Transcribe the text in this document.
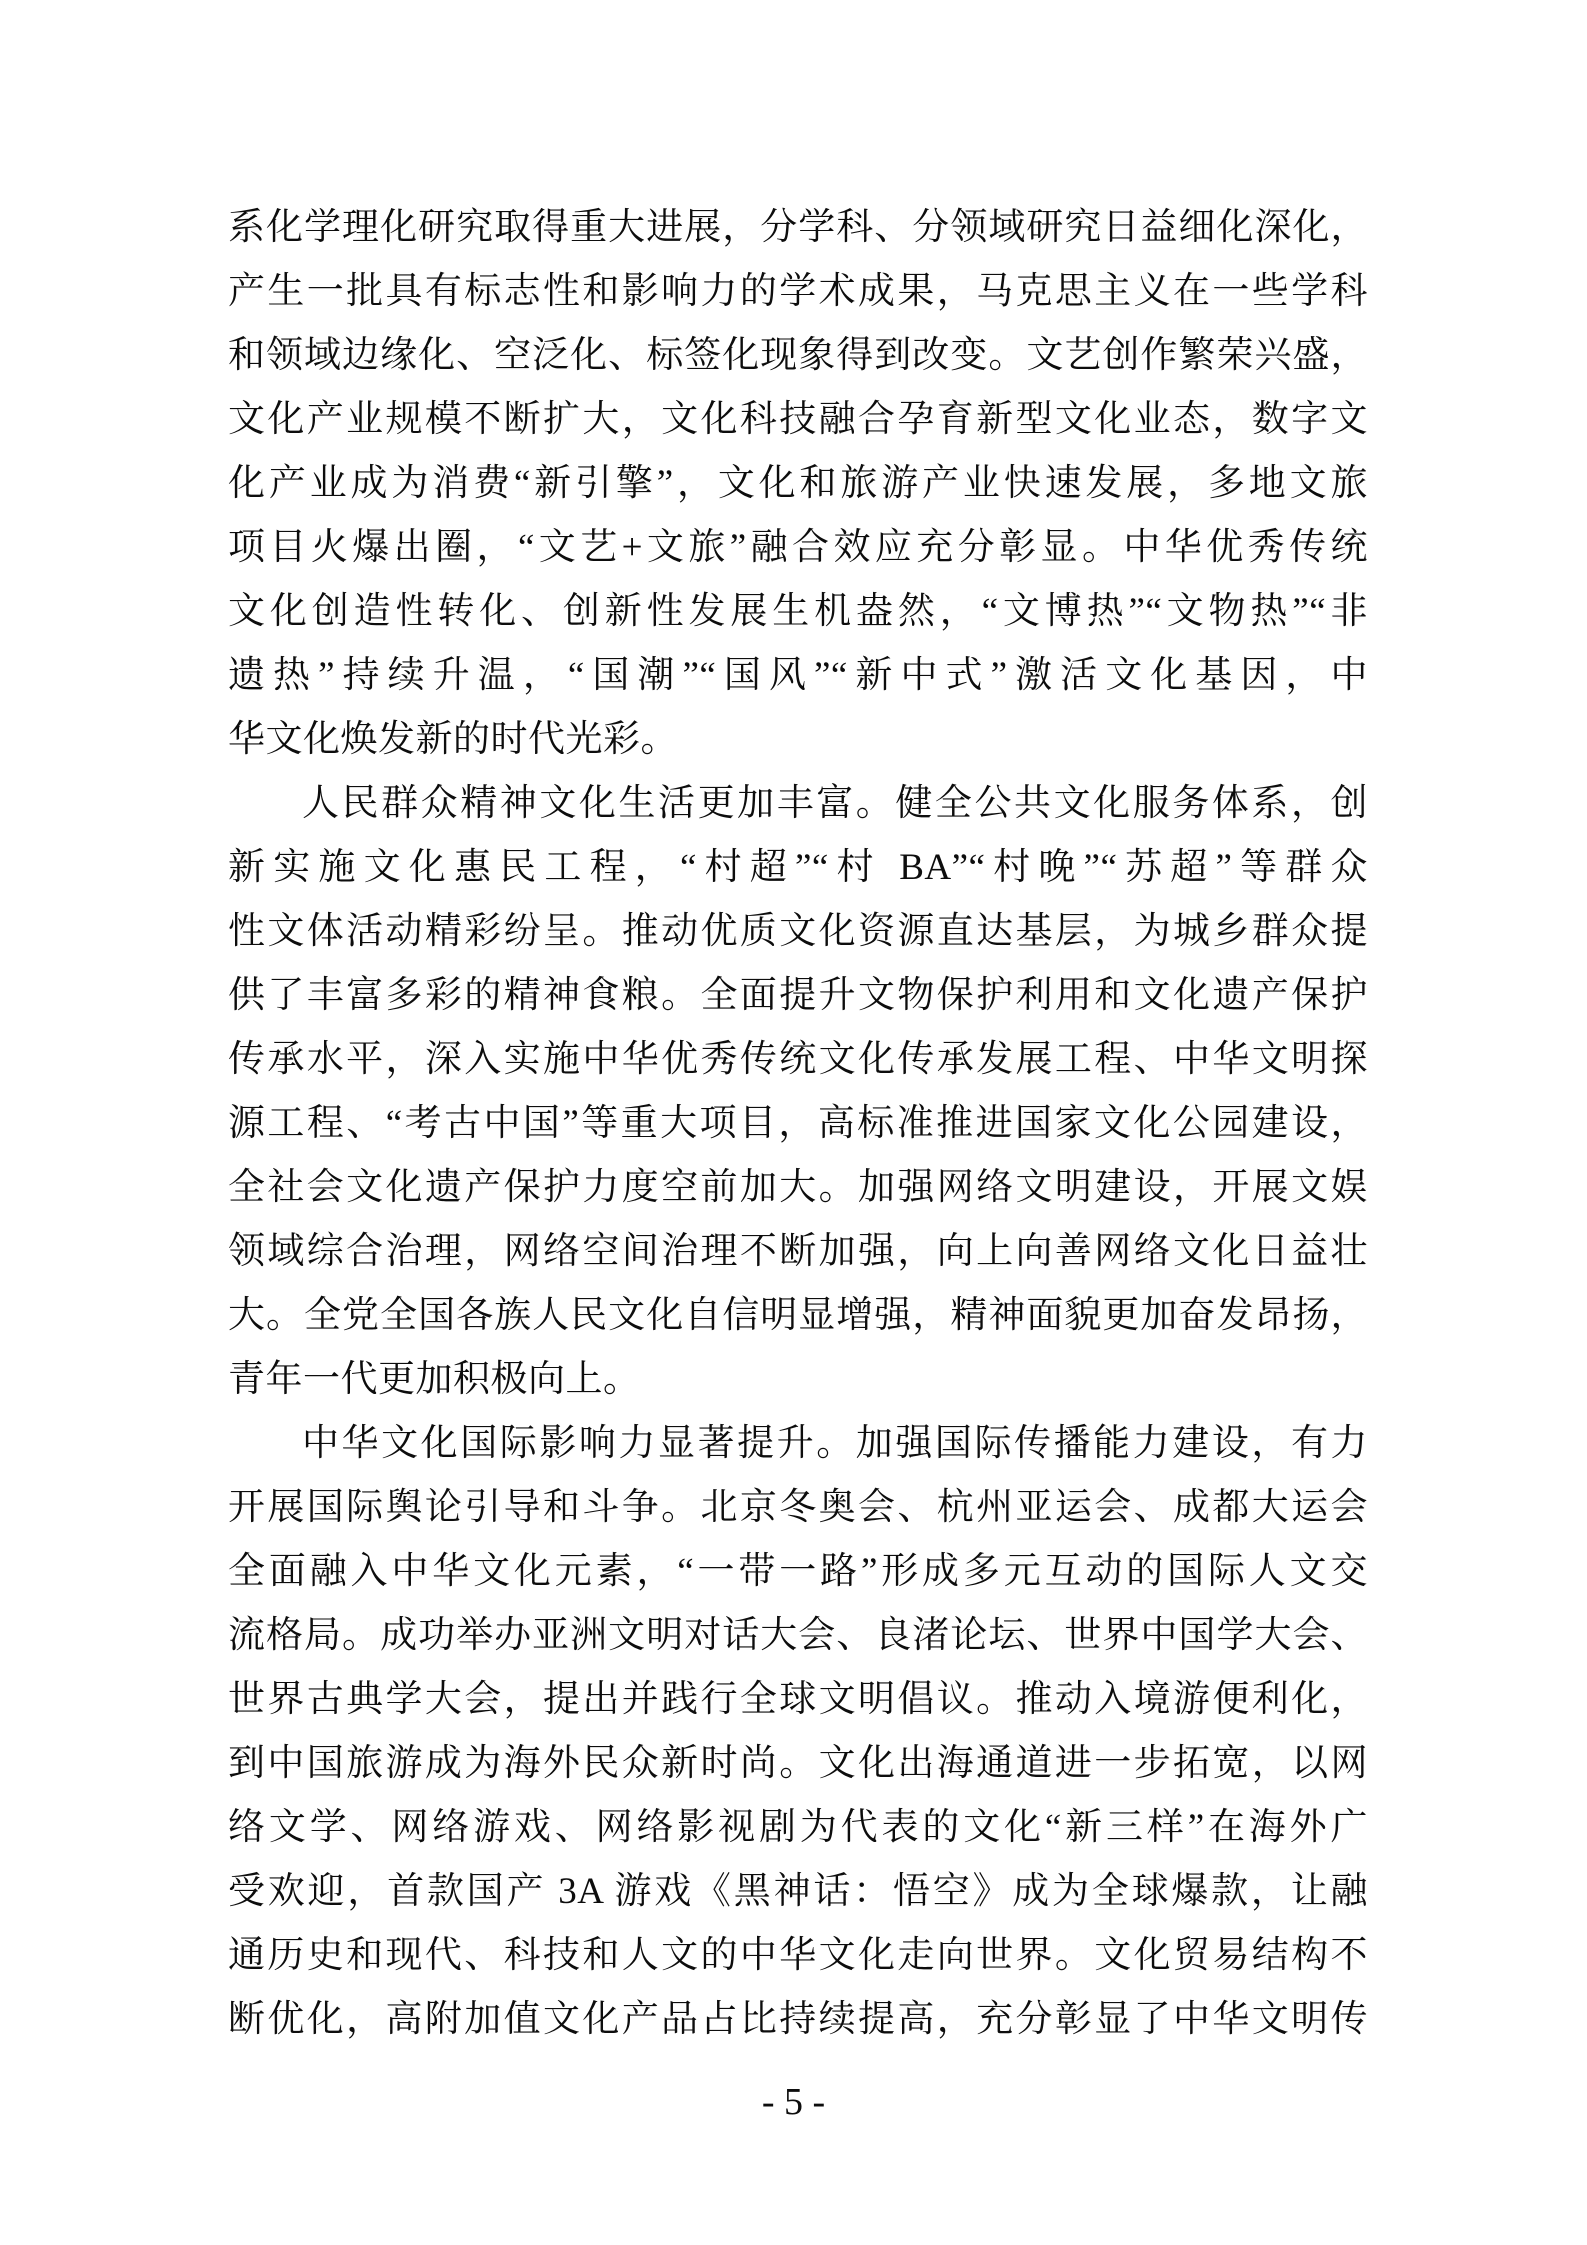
系化学理化研究取得重大进展，分学科、分领域研究日益细化深化，
产生一批具有标志性和影响力的学术成果，马克思主义在一些学科
和领域边缘化、空泛化、标签化现象得到改变。文艺创作繁荣兴盛，
文化产业规模不断扩大，文化科技融合孕育新型文化业态，数字文
化产业成为消费“新引擎”，文化和旅游产业快速发展，多地文旅
项目火爆出圈，“文艺+文旅”融合效应充分彰显。中华优秀传统
文化创造性转化、创新性发展生机盎然，“文博热”“文物热”“非
遗热”持续升温，“国潮”“国风”“新中式”激活文化基因，中
华文化焕发新的时代光彩。
人民群众精神文化生活更加丰富。健全公共文化服务体系，创
新实施文化惠民工程，“村超”“村 BA”“村晚”“苏超”等群众
性文体活动精彩纷呈。推动优质文化资源直达基层，为城乡群众提
供了丰富多彩的精神食粮。全面提升文物保护利用和文化遗产保护
传承水平，深入实施中华优秀传统文化传承发展工程、中华文明探
源工程、“考古中国”等重大项目，高标准推进国家文化公园建设，
全社会文化遗产保护力度空前加大。加强网络文明建设，开展文娱
领域综合治理，网络空间治理不断加强，向上向善网络文化日益壮
大。全党全国各族人民文化自信明显增强，精神面貌更加奋发昂扬，
青年一代更加积极向上。
中华文化国际影响力显著提升。加强国际传播能力建设，有力
开展国际舆论引导和斗争。北京冬奥会、杭州亚运会、成都大运会
全面融入中华文化元素，“一带一路”形成多元互动的国际人文交
流格局。成功举办亚洲文明对话大会、良渚论坛、世界中国学大会、
世界古典学大会，提出并践行全球文明倡议。推动入境游便利化，
到中国旅游成为海外民众新时尚。文化出海通道进一步拓宽，以网
络文学、网络游戏、网络影视剧为代表的文化“新三样”在海外广
受欢迎，首款国产 3A 游戏《黑神话：悟空》成为全球爆款，让融
通历史和现代、科技和人文的中华文化走向世界。文化贸易结构不
断优化，高附加值文化产品占比持续提高，充分彰显了中华文明传
- 5 -
